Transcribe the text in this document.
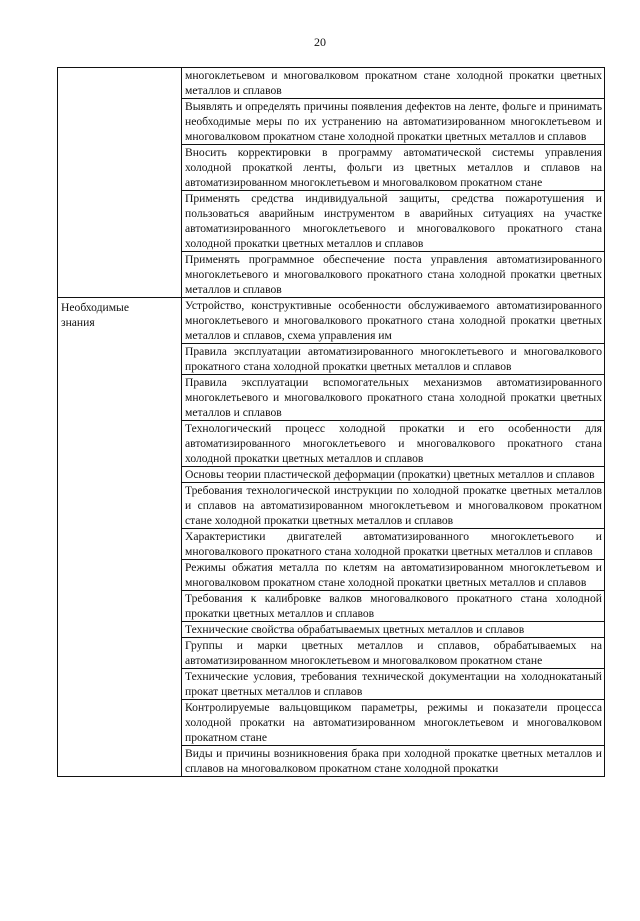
20
	многоклетьевом и многовалковом прокатном стане холодной прокатки цветных металлов и сплавов
	Выявлять и определять причины появления дефектов на ленте, фольге и принимать необходимые меры по их устранению на автоматизированном многоклетьевом и многовалковом прокатном стане холодной прокатки цветных металлов и сплавов
	Вносить корректировки в программу автоматической системы управления холодной прокаткой ленты, фольги из цветных металлов и сплавов на автоматизированном многоклетьевом и многовалковом прокатном стане
	Применять средства индивидуальной защиты, средства пожаротушения и пользоваться аварийным инструментом в аварийных ситуациях на участке автоматизированного многоклетьевого и многовалкового прокатного стана холодной прокатки цветных металлов и сплавов
	Применять программное обеспечение поста управления автоматизированного многоклетьевого и многовалкового прокатного стана холодной прокатки цветных металлов и сплавов

Необходимые
знания	Устройство, конструктивные особенности обслуживаемого автоматизированного многоклетьевого и многовалкового прокатного стана холодной прокатки цветных металлов и сплавов, схема управления им
	Правила эксплуатации автоматизированного многоклетьевого и многовалкового прокатного стана холодной прокатки цветных металлов и сплавов
	Правила эксплуатации вспомогательных механизмов автоматизированного многоклетьевого и многовалкового прокатного стана холодной прокатки цветных металлов и сплавов
	Технологический процесс холодной прокатки и его особенности для автоматизированного многоклетьевого и многовалкового прокатного стана холодной прокатки цветных металлов и сплавов
	Основы теории пластической деформации (прокатки) цветных металлов и сплавов
	Требования технологической инструкции по холодной прокатке цветных металлов и сплавов на автоматизированном многоклетьевом и многовалковом прокатном стане холодной прокатки цветных металлов и сплавов
	Характеристики двигателей автоматизированного многоклетьевого и многовалкового прокатного стана холодной прокатки цветных металлов и сплавов
	Режимы обжатия металла по клетям на автоматизированном многоклетьевом и многовалковом прокатном стане холодной прокатки цветных металлов и сплавов
	Требования к калибровке валков многовалкового прокатного стана холодной прокатки цветных металлов и сплавов
	Технические свойства обрабатываемых цветных металлов и сплавов
	Группы и марки цветных металлов и сплавов, обрабатываемых на автоматизированном многоклетьевом и многовалковом прокатном стане
	Технические условия, требования технической документации на холоднокатаный прокат цветных металлов и сплавов
	Контролируемые вальцовщиком параметры, режимы и показатели процесса холодной прокатки на автоматизированном многоклетьевом и многовалковом прокатном стане
	Виды и причины возникновения брака при холодной прокатке цветных металлов и сплавов на многовалковом прокатном стане холодной прокатки
